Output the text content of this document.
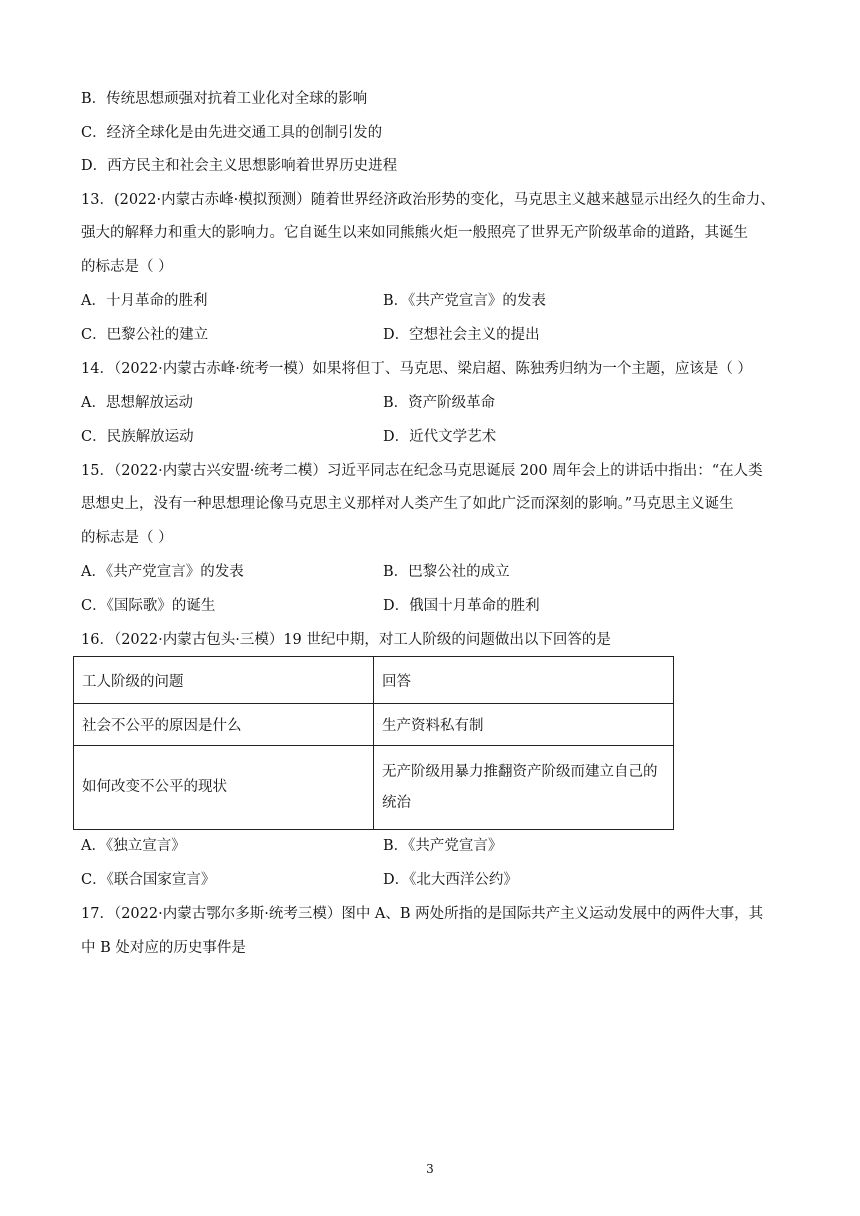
B．传统思想顽强对抗着工业化对全球的影响
C．经济全球化是由先进交通工具的创制引发的
D．西方民主和社会主义思想影响着世界历史进程
13．(2022·内蒙古赤峰·模拟预测）随着世界经济政治形势的变化，马克思主义越来越显示出经久的生命力、
强大的解释力和重大的影响力。它自诞生以来如同熊熊火炬一般照亮了世界无产阶级革命的道路，其诞生
的标志是（ ）
A．十月革命的胜利	B．《共产党宣言》的发表
C．巴黎公社的建立	D．空想社会主义的提出
14．（2022·内蒙古赤峰·统考一模）如果将但丁、马克思、梁启超、陈独秀归纳为一个主题，应该是（ ）
A．思想解放运动	B．资产阶级革命
C．民族解放运动	D．近代文学艺术
15．（2022·内蒙古兴安盟·统考二模）习近平同志在纪念马克思诞辰 200 周年会上的讲话中指出：“在人类
思想史上，没有一种思想理论像马克思主义那样对人类产生了如此广泛而深刻的影响。”马克思主义诞生
的标志是（ ）
A．《共产党宣言》的发表	B．巴黎公社的成立
C．《国际歌》的诞生	D．俄国十月革命的胜利
16．（2022·内蒙古包头·三模）19 世纪中期，对工人阶级的问题做出以下回答的是
工人阶级的问题	回答
社会不公平的原因是什么	生产资料私有制
如何改变不公平的现状	无产阶级用暴力推翻资产阶级而建立自己的统治
A．《独立宣言》	B．《共产党宣言》
C．《联合国家宣言》	D．《北大西洋公约》
17．（2022·内蒙古鄂尔多斯·统考三模）图中 A、B 两处所指的是国际共产主义运动发展中的两件大事，其
中 B 处对应的历史事件是
3
